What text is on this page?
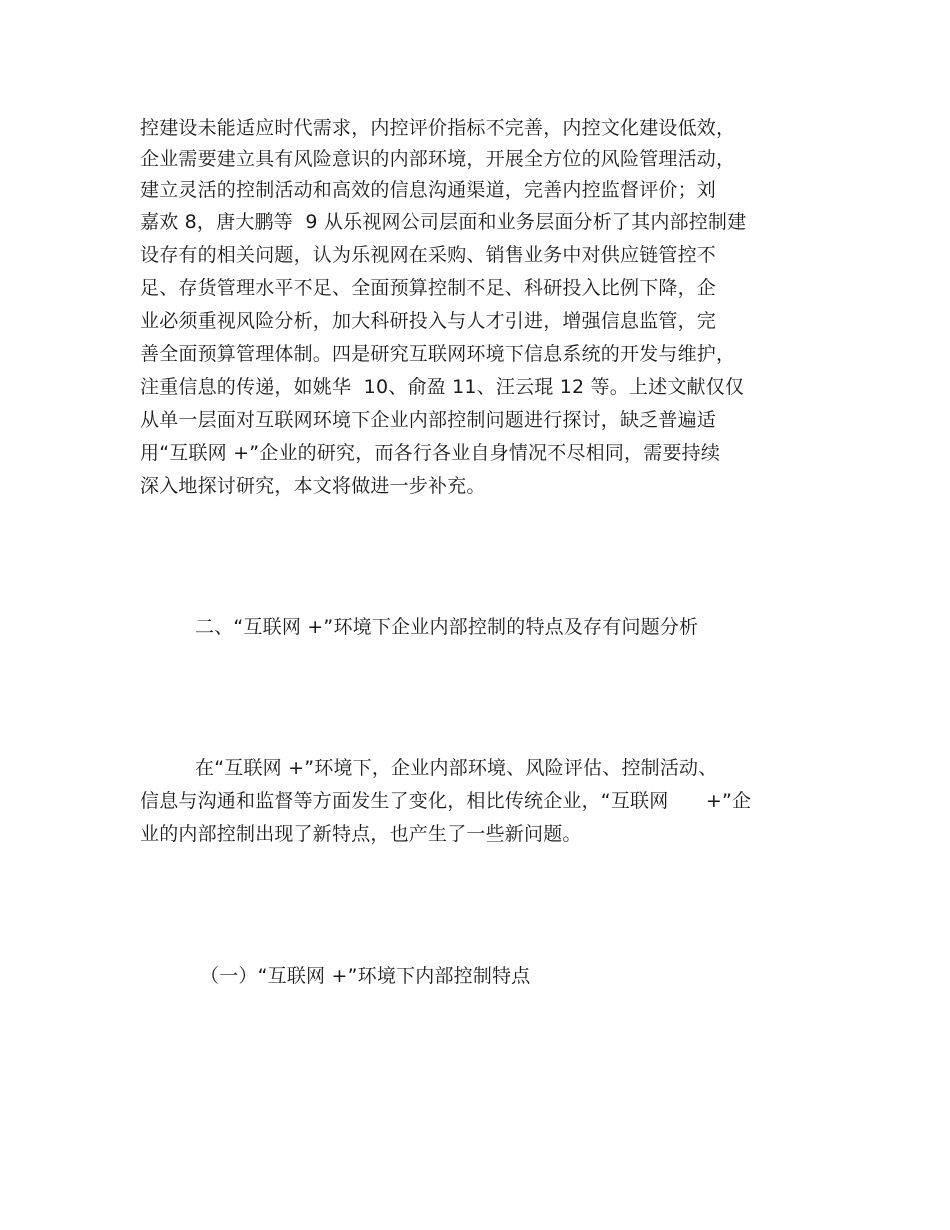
控建设未能适应时代需求，内控评价指标不完善，内控文化建设低效，
企业需要建立具有风险意识的内部环境，开展全方位的风险管理活动，
建立灵活的控制活动和高效的信息沟通渠道，完善内控监督评价；刘
嘉欢 8，唐大鹏等  9 从乐视网公司层面和业务层面分析了其内部控制建
设存有的相关问题，认为乐视网在采购、销售业务中对供应链管控不
足、存货管理水平不足、全面预算控制不足、科研投入比例下降，企
业必须重视风险分析，加大科研投入与人才引进，增强信息监管，完
善全面预算管理体制。四是研究互联网环境下信息系统的开发与维护，
注重信息的传递，如姚华  10、俞盈 11、汪云琨 12 等。上述文献仅仅
从单一层面对互联网环境下企业内部控制问题进行探讨，缺乏普遍适
用“互联网 +”企业的研究，而各行各业自身情况不尽相同，需要持续
深入地探讨研究，本文将做进一步补充。
二、“互联网 +”环境下企业内部控制的特点及存有问题分析
在“互联网 +”环境下，企业内部环境、风险评估、控制活动、
信息与沟通和监督等方面发生了变化，相比传统企业，“互联网      +”企
业的内部控制出现了新特点，也产生了一些新问题。
（一）“互联网 +”环境下内部控制特点
